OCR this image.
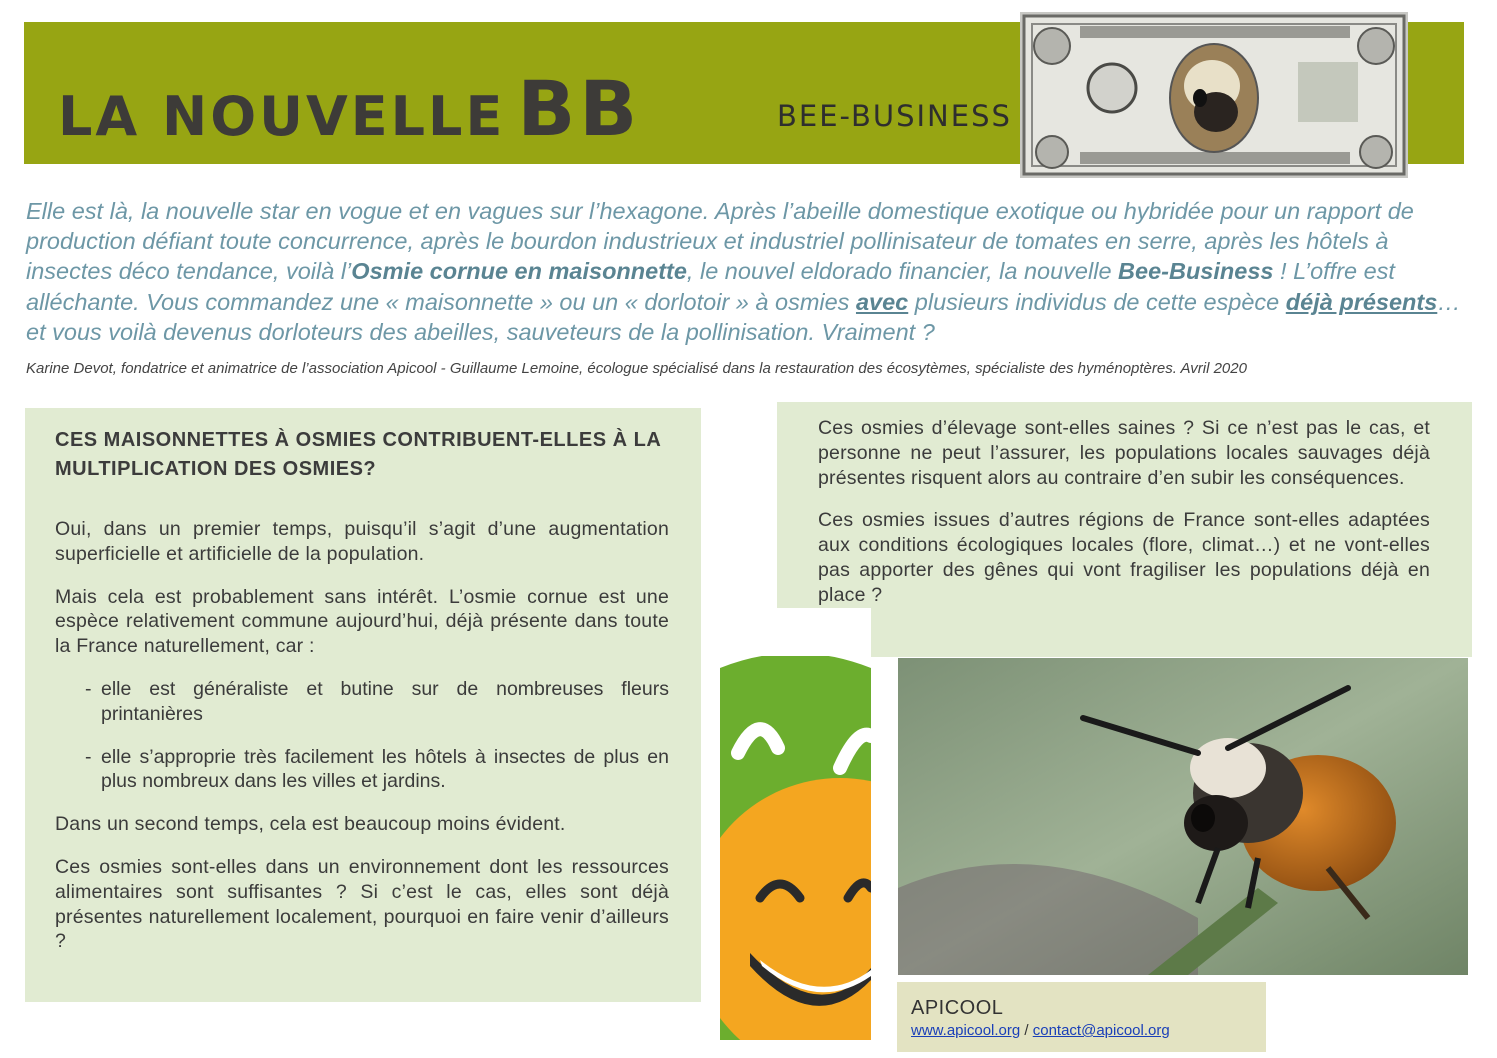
LA NOUVELLE BB	BEE-BUSINESS

Elle est là, la nouvelle star en vogue et en vagues sur l’hexagone. Après l’abeille domestique exotique ou hybridée pour un rapport de production défiant toute concurrence, après le bourdon industrieux et industriel pollinisateur de tomates en serre, après les hôtels à insectes déco tendance, voilà l’Osmie cornue en maisonnette, le nouvel eldorado financier, la nouvelle Bee-Business ! L’offre est alléchante. Vous commandez une « maisonnette » ou un « dorlotoir » à osmies avec plusieurs individus de cette espèce déjà présents… et vous voilà devenus dorloteurs des abeilles, sauveteurs de la pollinisation. Vraiment ?

Karine Devot, fondatrice et animatrice de l’association Apicool - Guillaume Lemoine, écologue spécialisé dans la restauration des écosytèmes, spécialiste des hyménoptères. Avril 2020
CES MAISONNETTES À OSMIES CONTRIBUENT-ELLES À LA MULTIPLICATION DES OSMIES?

Oui, dans un premier temps, puisqu’il s’agit d’une augmentation superficielle et artificielle de la population.

Mais cela est probablement sans intérêt. L’osmie cornue est une espèce relativement commune aujourd’hui, déjà présente dans toute la France naturellement, car :

- elle est généraliste et butine sur de nombreuses fleurs printanières
- elle s’approprie très facilement les hôtels à insectes de plus en plus nombreux dans les villes et jardins.

Dans un second temps, cela est beaucoup moins évident.

Ces osmies sont-elles dans un environnement dont les ressources alimentaires sont suffisantes ? Si c’est le cas, elles sont déjà présentes naturellement localement, pourquoi en faire venir d’ailleurs ?

Ces osmies d’élevage sont-elles saines ? Si ce n’est pas le cas, et personne ne peut l’assurer, les populations locales sauvages déjà présentes risquent alors au contraire d’en subir les conséquences.

Ces osmies issues d’autres régions de France sont-elles adaptées aux conditions écologiques locales (flore, climat…) et ne vont-elles pas apporter des gênes qui vont fragiliser les populations déjà en place ?

APICOOL
www.apicool.org / contact@apicool.org
